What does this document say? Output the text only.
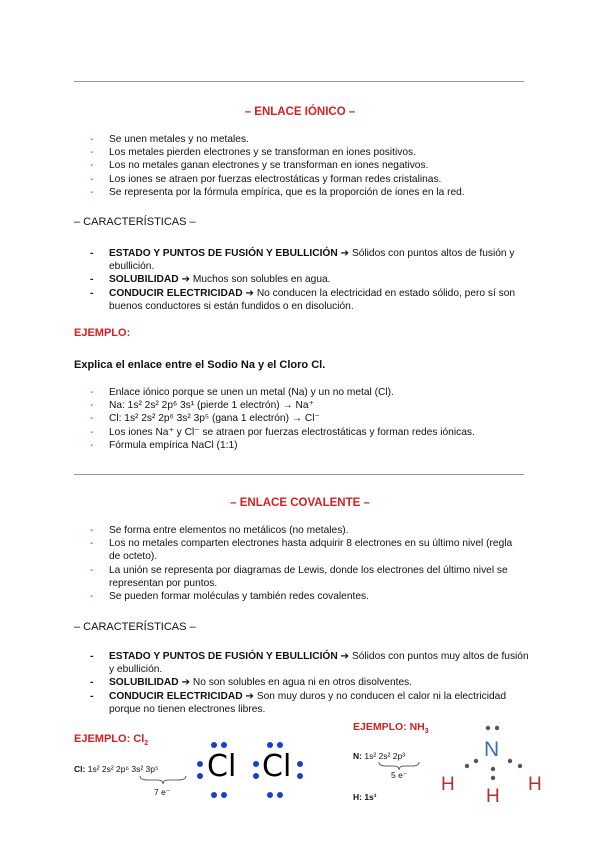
– ENLACE IÓNICO –
- Se unen metales y no metales.
- Los metales pierden electrones y se transforman en iones positivos.
- Los no metales ganan electrones y se transforman en iones negativos.
- Los iones se atraen por fuerzas electrostáticas y forman redes cristalinas.
- Se representa por la fórmula empírica, que es la proporción de iones en la red.
– CARACTERÍSTICAS –
- ESTADO Y PUNTOS DE FUSIÓN Y EBULLICIÓN ➔ Sólidos con puntos altos de fusión y ebullición.
- SOLUBILIDAD ➔ Muchos son solubles en agua.
- CONDUCIR ELECTRICIDAD ➔ No conducen la electricidad en estado sólido, pero sí son buenos conductores si están fundidos o en disolución.
EJEMPLO:
Explica el enlace entre el Sodio Na y el Cloro Cl.
- Enlace iónico porque se unen un metal (Na) y un no metal (Cl).
- Na: 1s² 2s² 2p⁶ 3s¹ (pierde 1 electrón) → Na⁺
- Cl: 1s² 2s² 2p⁶ 3s² 3p⁵ (gana 1 electrón) → Cl⁻
- Los iones Na⁺ y Cl⁻ se atraen por fuerzas electrostáticas y forman redes iónicas.
- Fórmula empírica NaCl (1:1)
– ENLACE COVALENTE –
- Se forma entre elementos no metálicos (no metales).
- Los no metales comparten electrones hasta adquirir 8 electrones en su último nivel (regla de octeto).
- La unión se representa por diagramas de Lewis, donde los electrones del último nivel se representan por puntos.
- Se pueden formar moléculas y también redes covalentes.
– CARACTERÍSTICAS –
- ESTADO Y PUNTOS DE FUSIÓN Y EBULLICIÓN ➔ Sólidos con puntos muy altos de fusión y ebullición.
- SOLUBILIDAD ➔ No son solubles en agua ni en otros disolventes.
- CONDUCIR ELECTRICIDAD ➔ Son muy duros y no conducen el calor ni la electricidad porque no tienen electrones libres.
EJEMPLO: $Cl_2$
Cl: 1s² 2s² 2p⁶ 3s² 3p⁵
7 e⁻
Cl Cl
EJEMPLO: $NH_3$
N: 1s² 2s² 2p³
5 e⁻
H: 1s¹
N
H
H
H
